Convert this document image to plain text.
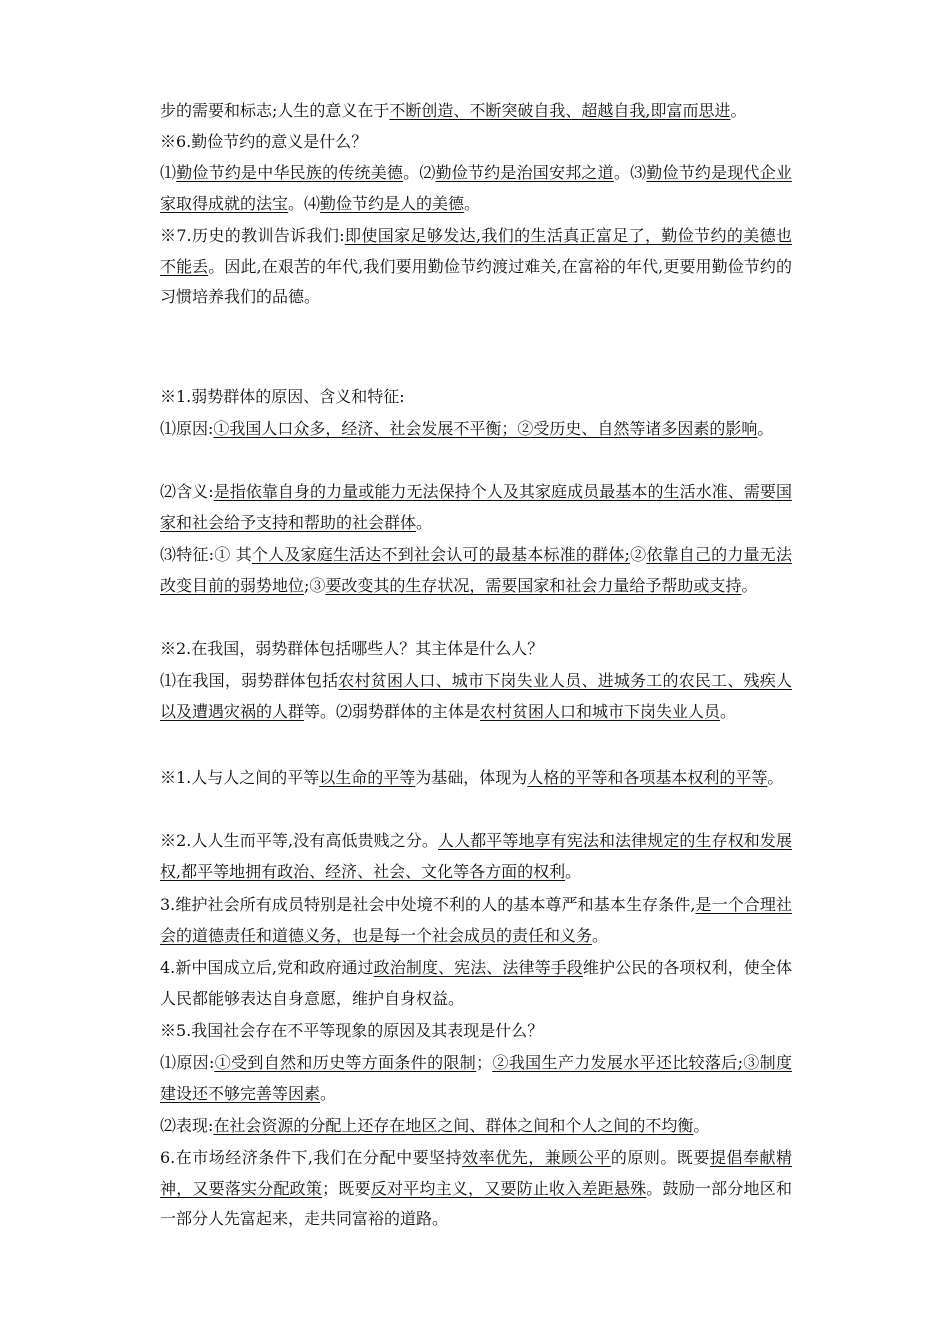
步的需要和标志;人生的意义在于不断创造、不断突破自我、超越自我,即富而思进。
※6.勤俭节约的意义是什么？
⑴勤俭节约是中华民族的传统美德。⑵勤俭节约是治国安邦之道。⑶勤俭节约是现代企业家取得成就的法宝。⑷勤俭节约是人的美德。
※7.历史的教训告诉我们:即使国家足够发达,我们的生活真正富足了，勤俭节约的美德也不能丢。因此,在艰苦的年代,我们要用勤俭节约渡过难关,在富裕的年代,更要用勤俭节约的习惯培养我们的品德。
※1.弱势群体的原因、含义和特征:
⑴原因:①我国人口众多，经济、社会发展不平衡；②受历史、自然等诸多因素的影响。
⑵含义:是指依靠自身的力量或能力无法保持个人及其家庭成员最基本的生活水准、需要国家和社会给予支持和帮助的社会群体。
⑶特征:① 其个人及家庭生活达不到社会认可的最基本标准的群体;②依靠自己的力量无法改变目前的弱势地位;③要改变其的生存状况，需要国家和社会力量给予帮助或支持。
※2.在我国，弱势群体包括哪些人？其主体是什么人？
⑴在我国，弱势群体包括农村贫困人口、城市下岗失业人员、进城务工的农民工、残疾人以及遭遇灾祸的人群等。⑵弱势群体的主体是农村贫困人口和城市下岗失业人员。
※1.人与人之间的平等以生命的平等为基础，体现为人格的平等和各项基本权利的平等。
※2.人人生而平等,没有高低贵贱之分。人人都平等地享有宪法和法律规定的生存权和发展权,都平等地拥有政治、经济、社会、文化等各方面的权利。
3.维护社会所有成员特别是社会中处境不利的人的基本尊严和基本生存条件,是一个合理社会的道德责任和道德义务，也是每一个社会成员的责任和义务。
4.新中国成立后,党和政府通过政治制度、宪法、法律等手段维护公民的各项权利，使全体人民都能够表达自身意愿，维护自身权益。
※5.我国社会存在不平等现象的原因及其表现是什么？
⑴原因:①受到自然和历史等方面条件的限制；②我国生产力发展水平还比较落后;③制度建设还不够完善等因素。
⑵表现:在社会资源的分配上还存在地区之间、群体之间和个人之间的不均衡。
6.在市场经济条件下,我们在分配中要坚持效率优先，兼顾公平的原则。既要提倡奉献精神，又要落实分配政策；既要反对平均主义，又要防止收入差距悬殊。鼓励一部分地区和一部分人先富起来，走共同富裕的道路。
